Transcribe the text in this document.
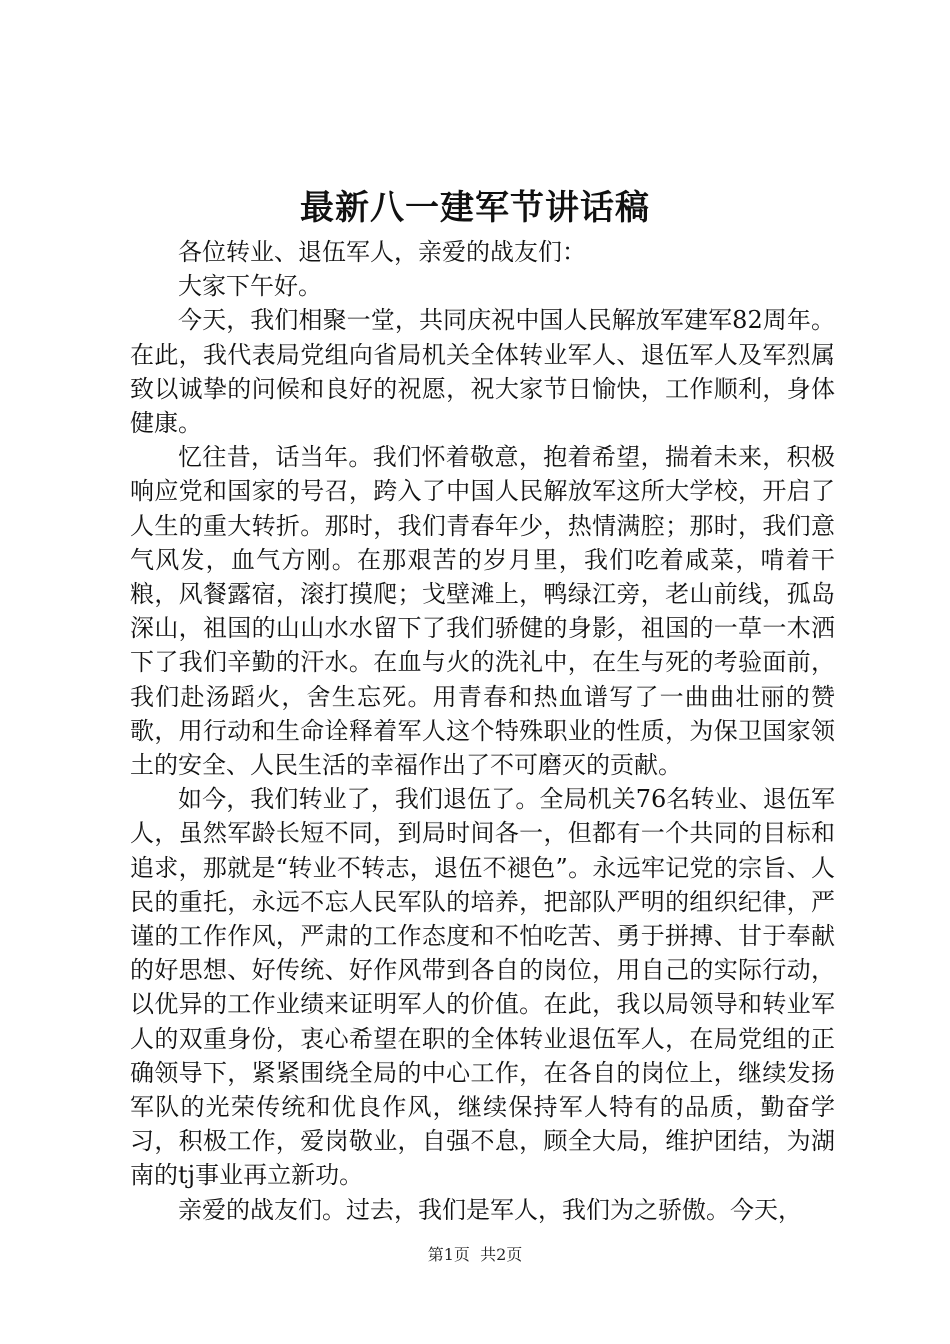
最新八一建军节讲话稿

各位转业、退伍军人，亲爱的战友们：

大家下午好。

今天，我们相聚一堂，共同庆祝中国人民解放军建军82周年。在此，我代表局党组向省局机关全体转业军人、退伍军人及军烈属致以诚挚的问候和良好的祝愿，祝大家节日愉快，工作顺利，身体健康。

忆往昔，话当年。我们怀着敬意，抱着希望，揣着未来，积极响应党和国家的号召，跨入了中国人民解放军这所大学校，开启了人生的重大转折。那时，我们青春年少，热情满腔；那时，我们意气风发，血气方刚。在那艰苦的岁月里，我们吃着咸菜，啃着干粮，风餐露宿，滚打摸爬；戈壁滩上，鸭绿江旁，老山前线，孤岛深山，祖国的山山水水留下了我们骄健的身影，祖国的一草一木洒下了我们辛勤的汗水。在血与火的洗礼中，在生与死的考验面前，我们赴汤蹈火，舍生忘死。用青春和热血谱写了一曲曲壮丽的赞歌，用行动和生命诠释着军人这个特殊职业的性质，为保卫国家领土的安全、人民生活的幸福作出了不可磨灭的贡献。

如今，我们转业了，我们退伍了。全局机关76名转业、退伍军人，虽然军龄长短不同，到局时间各一，但都有一个共同的目标和追求，那就是“转业不转志，退伍不褪色”。永远牢记党的宗旨、人民的重托，永远不忘人民军队的培养，把部队严明的组织纪律，严谨的工作作风，严肃的工作态度和不怕吃苦、勇于拼搏、甘于奉献的好思想、好传统、好作风带到各自的岗位，用自己的实际行动，以优异的工作业绩来证明军人的价值。在此，我以局领导和转业军人的双重身份，衷心希望在职的全体转业退伍军人，在局党组的正确领导下，紧紧围绕全局的中心工作，在各自的岗位上，继续发扬军队的光荣传统和优良作风，继续保持军人特有的品质，勤奋学习，积极工作，爱岗敬业，自强不息，顾全大局，维护团结，为湖南的tj事业再立新功。

亲爱的战友们。过去，我们是军人，我们为之骄傲。今天，

第1页 共2页
